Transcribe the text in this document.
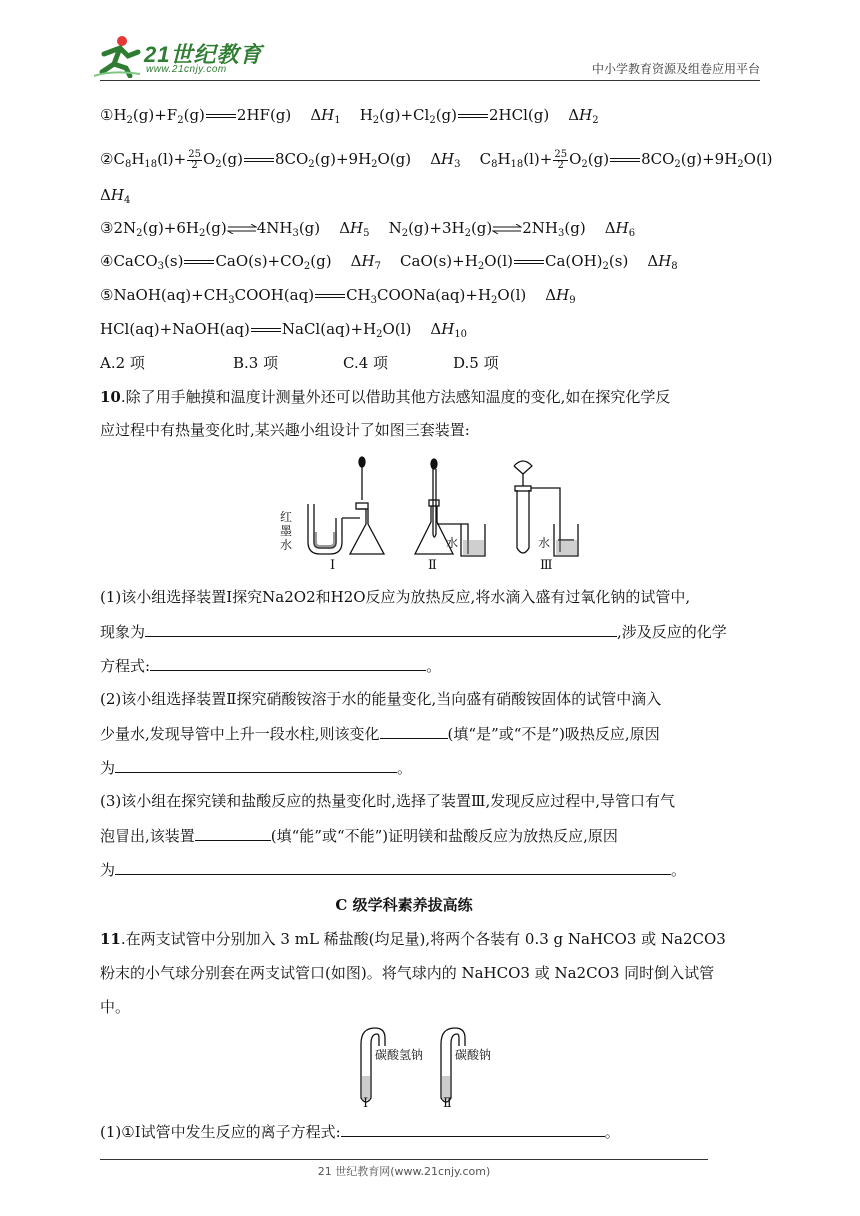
21世纪教育
www.21cnjy.com	中小学教育资源及组卷应用平台
$①H_2(g)+F_2(g)$ 2HF(g)    $\Delta H_1$    $H_2(g)+Cl_2(g)$ 2HCl(g)    $\Delta H_2$
$②C_8H_{18}(l)+ \frac{25}{2} O_2(g)$ $8CO_2(g)+9H_2O(g)$    $\Delta H_3$    $C_8H_{18}(l)+ \frac{25}{2} O_2(g)$ $8CO_2(g)+9H_2O(l)$
$\Delta H_4$
$③2N_2(g)+6H_2(g)$ $4NH_3(g)$    $\Delta H_5$    $N_2(g)+3H_2(g)$ $2NH_3(g)$    $\Delta H_6$
④CaCO$_3$(s) $CaO(s)+CO_2(g)$    $\Delta H_7$    $CaO(s)+H_2O(l)$ $Ca(OH)_2(s)$    $\Delta H_8$
$⑤NaOH(aq)+CH_3COOH(aq)$ $CH_3COONa(aq)+H_2O(l)$    $\Delta H_9$
HCl(aq)+NaOH(aq) $NaCl(aq)+H_2O(l)$    $\Delta H_{10}$
A.2 项	B.3 项	C.4 项	D.5 项
10.除了用手触摸和温度计测量外还可以借助其他方法感知温度的变化,如在探究化学反
应过程中有热量变化时,某兴趣小组设计了如图三套装置:
红墨水	水	水
I	Ⅱ	Ⅲ
(1)该小组选择装置Ⅰ探究Na2O2和H2O反应为放热反应,将水滴入盛有过氧化钠的试管中,
现象为	,涉及反应的化学
方程式:	。
(2)该小组选择装置Ⅱ探究硝酸铵溶于水的能量变化,当向盛有硝酸铵固体的试管中滴入
少量水,发现导管中上升一段水柱,则该变化	(填“是”或“不是”)吸热反应,原因
为	。
(3)该小组在探究镁和盐酸反应的热量变化时,选择了装置Ⅲ,发现反应过程中,导管口有气
泡冒出,该装置	(填“能”或“不能”)证明镁和盐酸反应为放热反应,原因
为	。
C 级学科素养拔高练
11.在两支试管中分别加入 3 mL 稀盐酸(均足量),将两个各装有 0.3 g NaHCO3 或 Na2CO3
粉末的小气球分别套在两支试管口(如图)。将气球内的 NaHCO3 或 Na2CO3 同时倒入试管
中。
碳酸氢钠	碳酸钠
I	Ⅱ
(1)①Ⅰ试管中发生反应的离子方程式:	。
21 世纪教育网(www.21cnjy.com)
